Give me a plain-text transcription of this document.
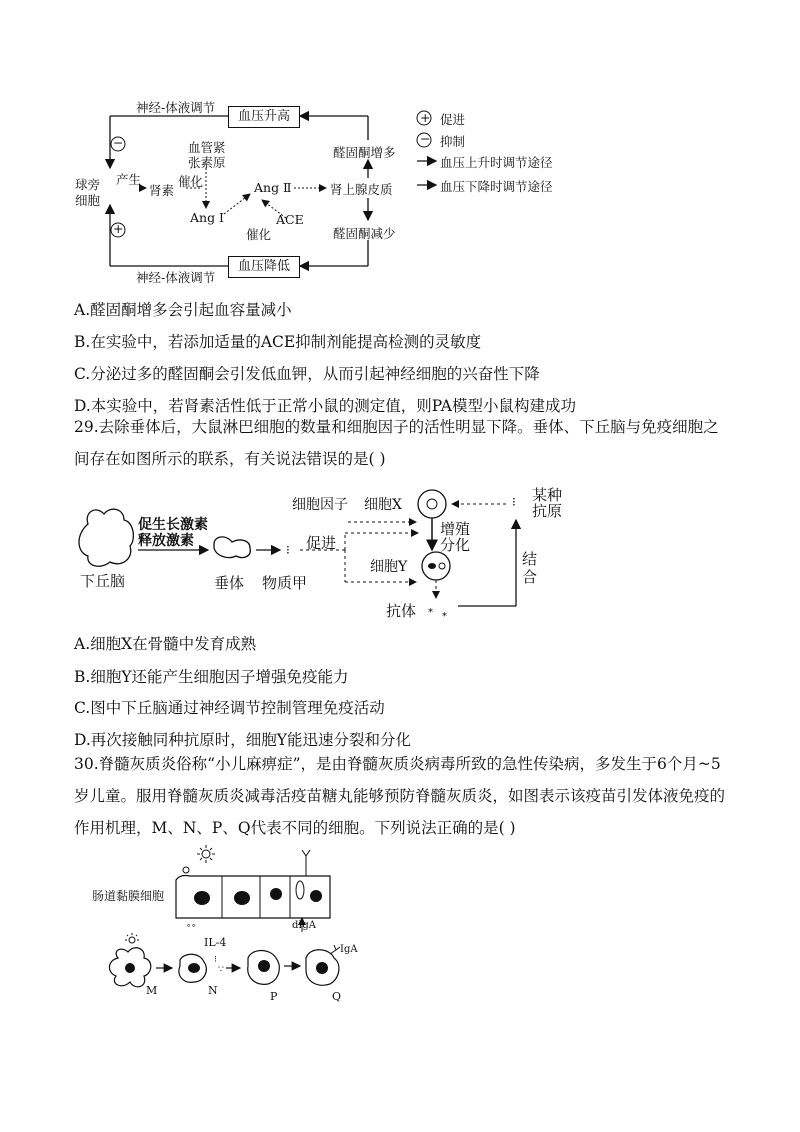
神经-体液调节
神经-体液调节
血压升高
血压降低
−
+
球旁
细胞
产生
肾素
血管紧
张素原
催化
Ang Ⅰ
Ang Ⅱ
ACE
催化
肾上腺皮质
醛固酮增多
醛固酮减少
+
−
促进
抑制
血压上升时调节途径
血压下降时调节途径
A.醛固酮增多会引起血容量减小
B.在实验中，若添加适量的ACE抑制剂能提高检测的灵敏度
C.分泌过多的醛固酮会引发低血钾，从而引起神经细胞的兴奋性下降
D.本实验中，若肾素活性低于正常小鼠的测定值，则PA模型小鼠构建成功
29.去除垂体后，大鼠淋巴细胞的数量和细胞因子的活性明显下降。垂体、下丘脑与免疫细胞之间存在如图所示的联系，有关说法错误的是( )
⁝
⁎ ⁎
⁝
下丘脑
促生长激素
释放激素
垂体 物质甲
促进
细胞因子 细胞X
细胞Y
增殖
分化
某种
抗原
结
合
抗体
A.细胞X在骨髓中发育成熟
B.细胞Y还能产生细胞因子增强免疫能力
C.图中下丘脑通过神经调节控制管理免疫活动
D.再次接触同种抗原时，细胞Y能迅速分裂和分化
30.脊髓灰质炎俗称“小儿麻痹症”，是由脊髓灰质炎病毒所致的急性传染病，多发生于6个月~5岁儿童。服用脊髓灰质炎减毒活疫苗糖丸能够预防脊髓灰质炎，如图表示该疫苗引发体液免疫的作用机理，M、N、P、Q代表不同的细胞。下列说法正确的是( )
∘∘
⁝
∵
肠道黏膜细胞
IL-4
dIgA
IgA
M	N	P	Q
